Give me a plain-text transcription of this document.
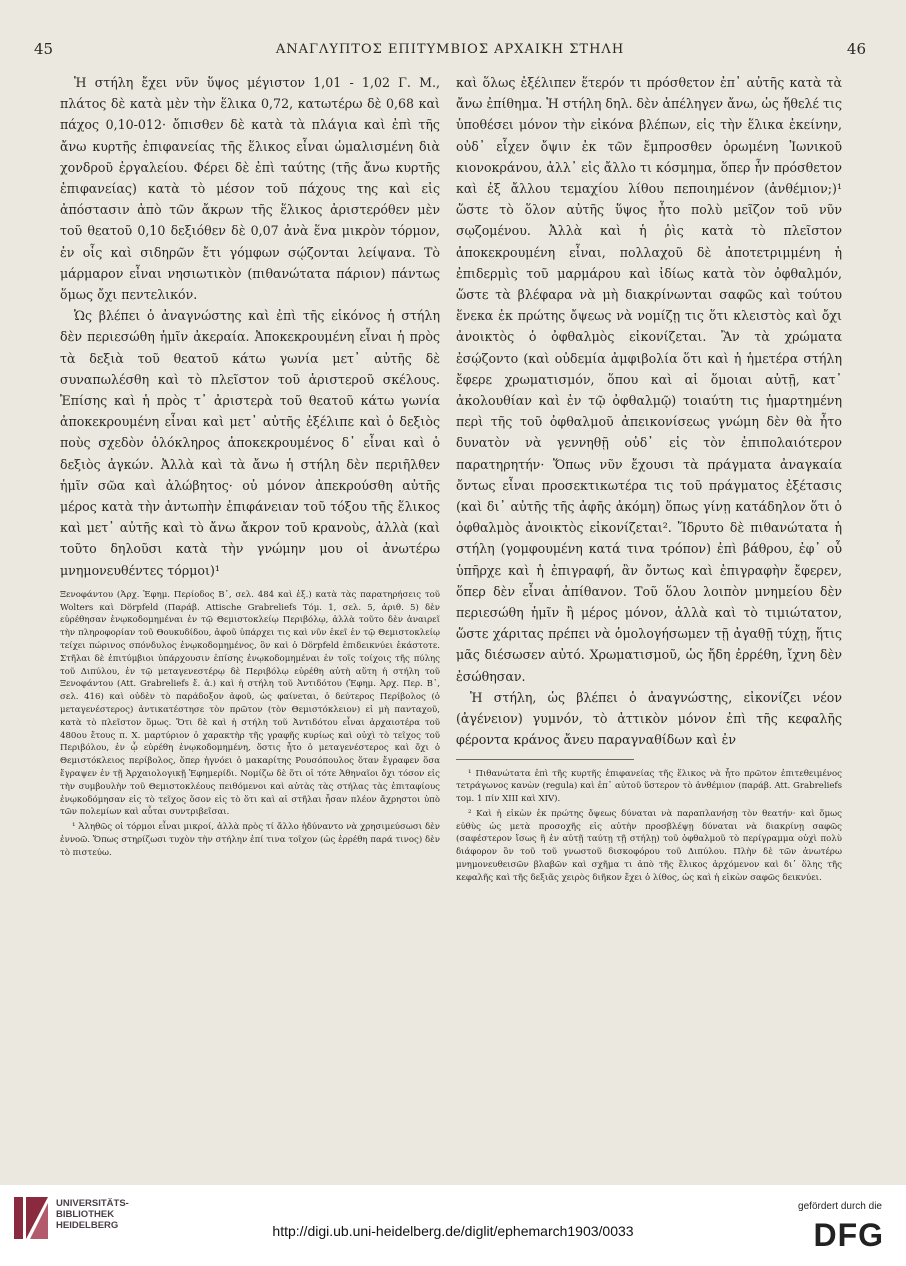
45	ΑΝΑΓΛΥΠΤΟΣ ΕΠΙΤΥΜΒΙΟΣ ΑΡΧΑΙΚΗ ΣΤΗΛΗ	46

Ἡ στήλη ἔχει νῦν ὕψος μέγιστον 1,01 - 1,02 Γ. Μ., πλάτος δὲ κατὰ μὲν τὴν ἕλικα 0,72, κατωτέρω δὲ 0,68 καὶ πάχος 0,10-012· ὄπισθεν δὲ κατὰ τὰ πλάγια καὶ ἐπὶ τῆς ἄνω κυρτῆς ἐπιφανείας τῆς ἕλικος εἶναι ὡμαλισμένη διὰ χονδροῦ ἐργαλείου. Φέρει δὲ ἐπὶ ταύτης (τῆς ἄνω κυρτῆς ἐπιφανείας) κατὰ τὸ μέσον τοῦ πάχους της καὶ εἰς ἀπόστασιν ἀπὸ τῶν ἄκρων τῆς ἕλικος ἀριστερόθεν μὲν τοῦ θεατοῦ 0,10 δεξιόθεν δὲ 0,07 ἀνὰ ἕνα μικρὸν τόρμον, ἐν οἷς καὶ σιδηρῶν ἔτι γόμφων σῴζονται λείψανα. Τὸ μάρμαρον εἶναι νησιωτικὸν (πιθανώτατα πάριον) πάντως ὅμως ὄχι πεντελικόν.

Ὡς βλέπει ὁ ἀναγνώστης καὶ ἐπὶ τῆς εἰκόνος ἡ στήλη δὲν περιεσώθη ἡμῖν ἀκεραία. Ἀποκεκρουμένη εἶναι ἡ πρὸς τὰ δεξιὰ τοῦ θεατοῦ κάτω γωνία μετ᾽ αὐτῆς δὲ συναπωλέσθη καὶ τὸ πλεῖστον τοῦ ἀριστεροῦ σκέλους. Ἐπίσης καὶ ἡ πρὸς τ᾽ ἀριστερὰ τοῦ θεατοῦ κάτω γωνία ἀποκεκρουμένη εἶναι καὶ μετ᾽ αὐτῆς ἐξέλιπε καὶ ὁ δεξιὸς ποὺς σχεδὸν ὁλόκληρος ἀποκεκρουμένος δ᾽ εἶναι καὶ ὁ δεξιὸς ἀγκών. Ἀλλὰ καὶ τὰ ἄνω ἡ στήλη δὲν περιῆλθεν ἡμῖν σῶα καὶ ἀλώβητος· οὐ μόνον ἀπεκρούσθη αὐτῆς μέρος κατὰ τὴν ἀντωπὴν ἐπιφάνειαν τοῦ τόξου τῆς ἕλικος καὶ μετ᾽ αὐτῆς καὶ τὸ ἄνω ἄκρον τοῦ κρανοὺς, ἀλλὰ (καὶ τοῦτο δηλοῦσι κατὰ τὴν γνώμην μου οἱ ἀνωτέρω μνημονευθέντες τόρμοι)¹

Ξενοφάντου (Ἀρχ. Ἐφημ. Περίοδος Β᾽, σελ. 484 καὶ ἑξ.) κατὰ τὰς παρατηρήσεις τοῦ Wolters καὶ Dörpfeld (Παράβ. Attische Grabreliefs Τόμ. 1, σελ. 5, ἀριθ. 5) δὲν εὑρέθησαν ἐνῳκοδομημέναι ἐν τῷ Θεμιστοκλείῳ Περιβόλῳ, ἀλλὰ τοῦτο δὲν ἀναιρεῖ τὴν πληροφορίαν τοῦ Θουκυδίδου, ἀφοῦ ὑπάρχει τις καὶ νῦν ἐκεῖ ἐν τῷ Θεμιστοκλείῳ τείχει πώρινος σπόνδυλος ἐνῳκοδομημένος, ὃν καὶ ὁ Dörpfeld ἐπιδεικνύει ἑκάστοτε. Στῆλαι δὲ ἐπιτύμβιοι ὑπάρχουσιν ἐπίσης ἐνῳκοδομημέναι ἐν τοῖς τοίχοις τῆς πύλης τοῦ Διπύλου, ἐν τῷ μεταγενεστέρῳ δὲ Περιβόλῳ εὑρέθη αὐτὴ αὕτη ἡ στήλη τοῦ Ξενοφάντου (Att. Grabreliefs ἔ. ἀ.) καὶ ἡ στήλη τοῦ Ἀντιδότου (Ἐφημ. Ἀρχ. Περ. Β᾽, σελ. 416) καὶ οὐδὲν τὸ παράδοξον ἀφοῦ, ὡς φαίνεται, ὁ δεύτερος Περίβολος (ὁ μεταγενέστερος) ἀντικατέστησε τὸν πρῶτον (τὸν Θεμιστόκλειον) εἰ μὴ πανταχοῦ, κατὰ τὸ πλεῖστον ὅμως. Ὅτι δὲ καὶ ἡ στήλη τοῦ Ἀντιδότου εἶναι ἀρχαιοτέρα τοῦ 480ου ἔτους π. Χ. μαρτύριον ὁ χαρακτὴρ τῆς γραφῆς κυρίως καὶ οὐχὶ τὸ τεῖχος τοῦ Περιβόλου, ἐν ᾧ εὑρέθη ἐνῳκοδομημένη, ὅστις ἦτο ὁ μεταγενέστερος καὶ ὄχι ὁ Θεμιστόκλειος περίβολος, ὅπερ ἠγνόει ὁ μακαρίτης Ρουσόπουλος ὅταν ἔγραφεν ὅσα ἔγραψεν ἐν τῇ Ἀρχαιολογικῇ Ἐφημερίδι. Νομίζω δὲ ὅτι οἱ τότε Ἀθηναῖοι ὄχι τόσον εἰς τὴν συμβουλὴν τοῦ Θεμιστοκλέους πειθόμενοι καὶ αὐτὰς τὰς στήλας τὰς ἐπιταφίους ἐνῳκοδόμησαν εἰς τὸ τεῖχος ὅσον εἰς τὸ ὅτι καὶ αἱ στῆλαι ἦσαν πλέον ἄχρηστοι ὑπὸ τῶν πολεμίων καὶ αὗται συντριβεῖσαι.

¹ Ἀληθῶς οἱ τόρμοι εἶναι μικροί, ἀλλὰ πρὸς τί ἄλλο ἠδύναντο νὰ χρησιμεύσωσι δὲν ἐννοῶ. Ὅπως στηρίζωσι τυχὸν τὴν στήλην ἐπί τινα τοῖχον (ὡς ἐρρέθη παρά τινος) δὲν τὸ πιστεύω.

καὶ ὅλως ἐξέλιπεν ἕτερόν τι πρόσθετον ἐπ᾽ αὐτῆς κατὰ τὰ ἄνω ἐπίθημα. Ἡ στήλη δηλ. δὲν ἀπέληγεν ἄνω, ὡς ἤθελέ τις ὑποθέσει μόνον τὴν εἰκόνα βλέπων, εἰς τὴν ἕλικα ἐκείνην, οὐδ᾽ εἶχεν ὄψιν ἐκ τῶν ἔμπροσθεν ὁρωμένη Ἰωνικοῦ κιονοκράνου, ἀλλ᾽ εἰς ἄλλο τι κόσμημα, ὅπερ ἦν πρόσθετον καὶ ἐξ ἄλλου τεμαχίου λίθου πεποιημένον (ἀνθέμιον;)¹ ὥστε τὸ ὅλον αὐτῆς ὕψος ἦτο πολὺ μεῖζον τοῦ νῦν σῳζομένου. Ἀλλὰ καὶ ἡ ῥὶς κατὰ τὸ πλεῖστον ἀποκεκρουμένη εἶναι, πολλαχοῦ δὲ ἀποτετριμμένη ἡ ἐπιδερμὶς τοῦ μαρμάρου καὶ ἰδίως κατὰ τὸν ὀφθαλμόν, ὥστε τὰ βλέφαρα νὰ μὴ διακρίνωνται σαφῶς καὶ τούτου ἕνεκα ἐκ πρώτης ὄψεως νὰ νομίζῃ τις ὅτι κλειστὸς καὶ ὄχι ἀνοικτὸς ὁ ὀφθαλμὸς εἰκονίζεται. Ἂν τὰ χρώματα ἐσῴζοντο (καὶ οὐδεμία ἀμφιβολία ὅτι καὶ ἡ ἡμετέρα στήλη ἔφερε χρωματισμόν, ὅπου καὶ αἱ ὅμοιαι αὐτῇ, κατ᾽ ἀκολουθίαν καὶ ἐν τῷ ὀφθαλμῷ) τοιαύτη τις ἡμαρτημένη περὶ τῆς τοῦ ὀφθαλμοῦ ἀπεικονίσεως γνώμη δὲν θὰ ἦτο δυνατὸν νὰ γεννηθῇ οὐδ᾽ εἰς τὸν ἐπιπολαιότερον παρατηρητήν· Ὅπως νῦν ἔχουσι τὰ πράγματα ἀναγκαία ὄντως εἶναι προσεκτικωτέρα τις τοῦ πράγματος ἐξέτασις (καὶ δι᾽ αὐτῆς τῆς ἀφῆς ἀκόμη) ὅπως γίνῃ κατάδηλον ὅτι ὁ ὀφθαλμὸς ἀνοικτὸς εἰκονίζεται². Ἵδρυτο δὲ πιθανώτατα ἡ στήλη (γομφουμένη κατά τινα τρόπον) ἐπὶ βάθρου, ἐφ᾽ οὗ ὑπῆρχε καὶ ἡ ἐπιγραφή, ἂν ὄντως καὶ ἐπιγραφὴν ἔφερεν, ὅπερ δὲν εἶναι ἀπίθανον. Τοῦ ὅλου λοιπὸν μνημείου δὲν περιεσώθη ἡμῖν ἢ μέρος μόνον, ἀλλὰ καὶ τὸ τιμιώτατον, ὥστε χάριτας πρέπει νὰ ὁμολογήσωμεν τῇ ἀγαθῇ τύχῃ, ἥτις μᾶς διέσωσεν αὐτό. Χρωματισμοῦ, ὡς ἤδη ἐρρέθη, ἴχνη δὲν ἐσώθησαν.

Ἡ στήλη, ὡς βλέπει ὁ ἀναγνώστης, εἰκονίζει νέον (ἀγένειον) γυμνόν, τὸ ἀττικὸν μόνον ἐπὶ τῆς κεφαλῆς φέροντα κράνος ἄνευ παραγναθίδων καὶ ἐν

¹ Πιθανώτατα ἐπὶ τῆς κυρτῆς ἐπιφανείας τῆς ἕλικος νὰ ἦτο πρῶτον ἐπιτεθειμένος τετράγωνος κανὼν (regula) καὶ ἐπ᾽ αὐτοῦ ὕστερον τὸ ἀνθέμιον (παράβ. Att. Grabreliefs τομ. 1 πίν XIII καὶ XIV).

² Καὶ ἡ εἰκὼν ἐκ πρώτης ὄψεως δύναται νὰ παραπλανήσῃ τὸν θεατήν· καὶ ὅμως εὐθὺς ὡς μετὰ προσοχῆς εἰς αὐτὴν προσβλέψῃ δύναται νὰ διακρίνῃ σαφῶς (σαφέστερον ἴσως ἢ ἐν αὐτῇ ταύτῃ τῇ στήλῃ) τοῦ ὀφθαλμοῦ τὸ περίγραμμα οὐχὶ πολὺ διάφορον ὂν τοῦ τοῦ γνωστοῦ δισκοφόρου τοῦ Διπύλου. Πλὴν δὲ τῶν ἀνωτέρω μνημονευθεισῶν βλαβῶν καὶ σχῆμα τι ἀπὸ τῆς ἕλικος ἀρχόμενον καὶ δι᾽ ὅλης τῆς κεφαλῆς καὶ τῆς δεξιᾶς χειρὸς διῆκον ἔχει ὁ λίθος, ὡς καὶ ἡ εἰκὼν σαφῶς δεικνύει.

UNIVERSITÄTS-
BIBLIOTHEK
HEIDELBERG	http://digi.ub.uni-heidelberg.de/diglit/ephemarch1903/0033
gefördert durch die
DFG
